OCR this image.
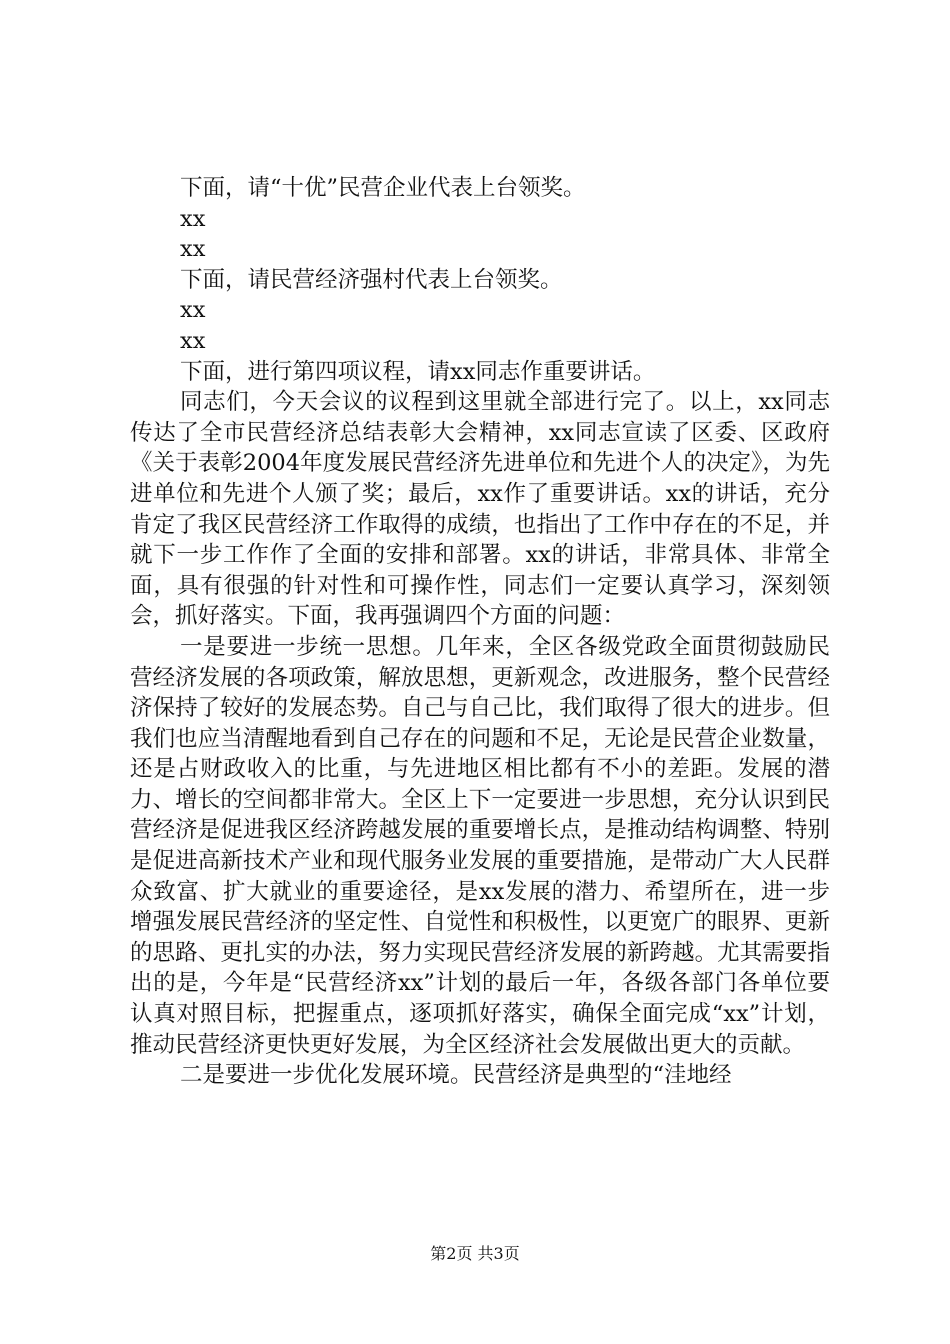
下面，请“十优”民营企业代表上台领奖。
xx
xx
下面，请民营经济强村代表上台领奖。
xx
xx
下面，进行第四项议程，请xx同志作重要讲话。
同志们，今天会议的议程到这里就全部进行完了。以上，xx同志传达了全市民营经济总结表彰大会精神，xx同志宣读了区委、区政府《关于表彰2004年度发展民营经济先进单位和先进个人的决定》，为先进单位和先进个人颁了奖；最后，xx作了重要讲话。xx的讲话，充分肯定了我区民营经济工作取得的成绩，也指出了工作中存在的不足，并就下一步工作作了全面的安排和部署。xx的讲话，非常具体、非常全面，具有很强的针对性和可操作性，同志们一定要认真学习，深刻领会，抓好落实。下面，我再强调四个方面的问题：
一是要进一步统一思想。几年来，全区各级党政全面贯彻鼓励民营经济发展的各项政策，解放思想，更新观念，改进服务，整个民营经济保持了较好的发展态势。自己与自己比，我们取得了很大的进步。但我们也应当清醒地看到自己存在的问题和不足，无论是民营企业数量，还是占财政收入的比重，与先进地区相比都有不小的差距。发展的潜力、增长的空间都非常大。全区上下一定要进一步思想，充分认识到民营经济是促进我区经济跨越发展的重要增长点，是推动结构调整、特别是促进高新技术产业和现代服务业发展的重要措施，是带动广大人民群众致富、扩大就业的重要途径，是xx发展的潜力、希望所在，进一步增强发展民营经济的坚定性、自觉性和积极性，以更宽广的眼界、更新的思路、更扎实的办法，努力实现民营经济发展的新跨越。尤其需要指出的是，今年是“民营经济xx”计划的最后一年，各级各部门各单位要认真对照目标，把握重点，逐项抓好落实，确保全面完成“xx”计划，推动民营经济更快更好发展，为全区经济社会发展做出更大的贡献。
二是要进一步优化发展环境。民营经济是典型的“洼地经
第2页 共3页
